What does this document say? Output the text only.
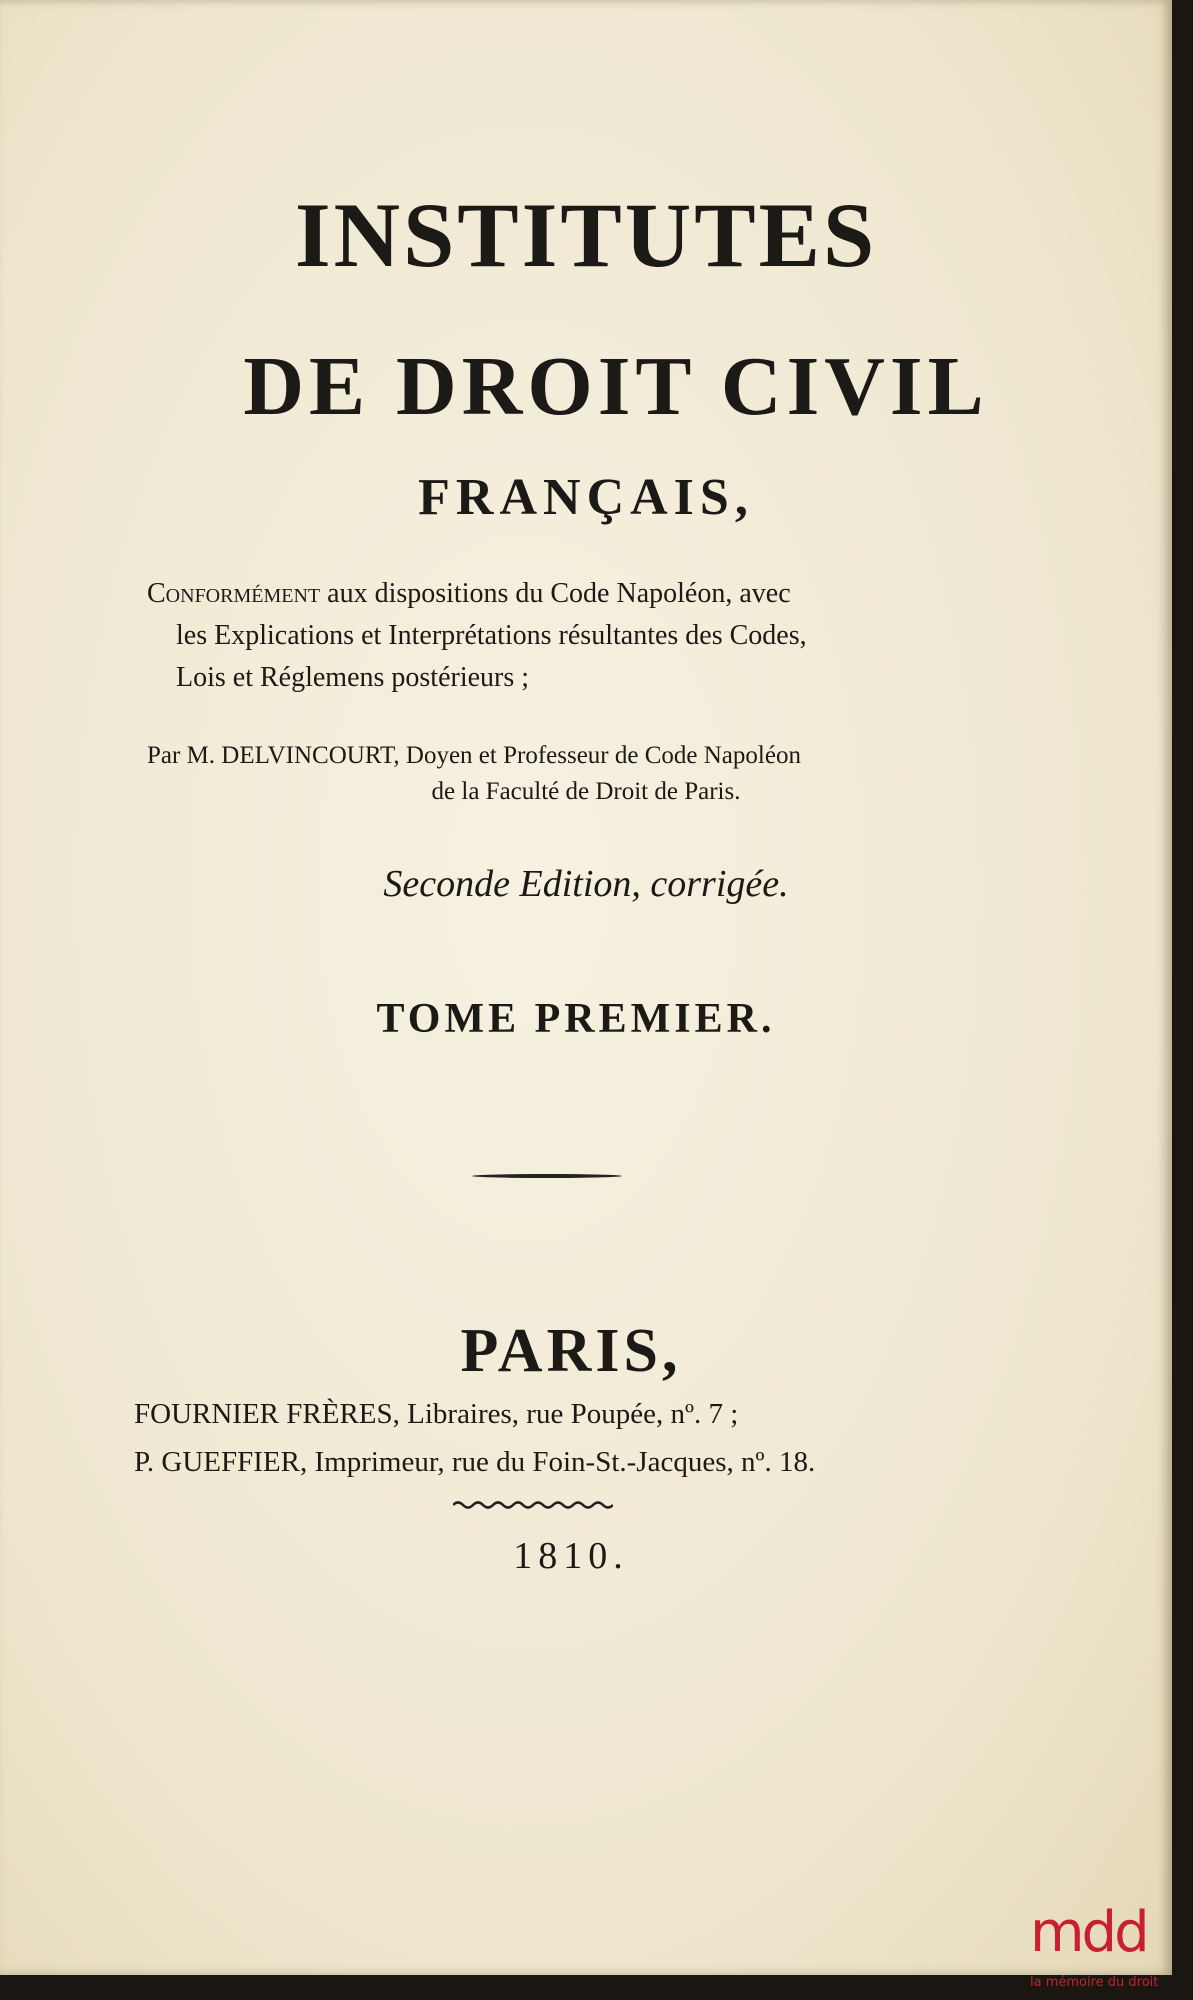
INSTITUTES
DE DROIT CIVIL
FRANÇAIS,
Conformément aux dispositions du Code Napoléon, avec
les Explications et Interprétations résultantes des Codes,
Lois et Réglemens postérieurs ;
Par M. DELVINCOURT, Doyen et Professeur de Code Napoléon
de la Faculté de Droit de Paris.
Seconde Edition, corrigée.
TOME PREMIER.
PARIS,
FOURNIER FRÈRES, Libraires, rue Poupée, nº. 7 ;
P. GUEFFIER, Imprimeur, rue du Foin-St.-Jacques, nº. 18.
1810.
mdd
la mémoire du droit
